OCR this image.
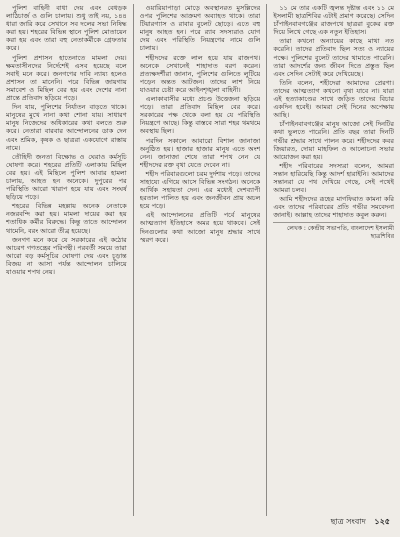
পুলিশ বাহিনী বাধা দেয় এবং বেধড়ক লাঠিচার্জ ও গুলি চালায়। শুধু তাই নয়, ১৪৪ ধারা জারি করে সেখানে সব দলের সভা নিষিদ্ধ করা হয়। শহরের বিভিন্ন স্থানে পুলিশ মোতায়েন করা হয় এবং তারা বহু নেতাকর্মীকে গ্রেফতার করে।

পুলিশ প্রশাসন হাতেনাতে মামলা দেয়। ক্ষমতাসীনদের নির্দেশেই এসব হয়েছে বলে সবাই মনে করে। জনগণের দাবি ন্যায্য হলেও প্রশাসন তা মানেনি। পরে বিভিন্ন জায়গায় সমাবেশ ও মিছিল বের হয় এবং দেশের নানা প্রান্তে প্রতিবাদ ছড়িয়ে পড়ে।

দিন যায়, পুলিশের নির্যাতন বাড়তে থাকে। মানুষের মুখে নানা কথা শোনা যায়। সাধারণ মানুষ নিজেদের অধিকারের কথা বলতে শুরু করে। নেতারা বারবার আন্দোলনের ডাক দেন এবং শ্রমিক, কৃষক ও ছাত্ররা একযোগে রাস্তায় নামে।

তৌহিদী জনতা বিক্ষোভ ও ঘেরাও কর্মসূচি ঘোষণা করে। শহরের প্রতিটি এলাকায় মিছিল বের হয়। এই মিছিলে পুলিশ আবার হামলা চালায়, আহত হন অনেকে। দুপুরের পর পরিস্থিতি আরো খারাপ হয়ে যায় এবং সংঘর্ষ ছড়িয়ে পড়ে।

শহরের বিভিন্ন মহল্লায় অনেক নেতাকে নজরবন্দি করা হয়। মামলা দায়ের করা হয় শতাধিক কর্মীর বিরুদ্ধে। কিন্তু তাতে আন্দোলন থামেনি, বরং আরো তীব্র হয়েছে।

জনগণ মনে করে যে সরকারের এই কঠোর আচরণ গণতন্ত্রের পরিপন্থী। পরবর্তী সময়ে তারা আরো বড় কর্মসূচির ঘোষণা দেয় এবং চূড়ান্ত বিজয় না আসা পর্যন্ত আন্দোলন চালিয়ে যাওয়ার শপথ নেয়।

ওয়ারিয়াপাড়া মোড়ে অবস্থানরত মুসল্লিদের ওপর পুলিশের আক্রমণ অব্যাহত থাকে। তারা টিয়ারগ্যাস ও রাবার বুলেট ছোড়ে। এতে বহু মানুষ আহত হন। পরে র‌্যাব সদস্যরাও যোগ দেয় এবং পরিস্থিতি নিয়ন্ত্রণের নামে গুলি চালায়।

শহীদদের রক্তে লাল হয়ে যায় রাজপথ। অনেকে সেখানেই শাহাদাত বরণ করেন। প্রত্যক্ষদর্শীরা জানান, পুলিশের গুলিতে লুটিয়ে পড়েন অন্তত আটজন। তাদের লাশ নিয়ে যাওয়ার চেষ্টা করে আইনশৃঙ্খলা বাহিনী।

এলাকাবাসীর মধ্যে প্রচণ্ড উত্তেজনা ছড়িয়ে পড়ে। তারা প্রতিবাদ মিছিল বের করে। সরকারের পক্ষ থেকে বলা হয় যে পরিস্থিতি নিয়ন্ত্রণে আছে। কিন্তু বাস্তবে সারা শহর থমথমে অবস্থায় ছিল।

পরদিন সকালে আবারো বিশাল জানাজা অনুষ্ঠিত হয়। হাজার হাজার মানুষ এতে অংশ নেন। জানাজা শেষে তারা শপথ নেন যে শহীদদের রক্ত বৃথা যেতে দেবেন না।

শহীদ পরিবারগুলো চরম দুর্দশায় পড়ে। তাদের সাহায্যে এগিয়ে আসে বিভিন্ন সংগঠন। অনেকে আর্থিক সহায়তা দেন। এর মধ্যেই দেশব্যাপী হরতাল পালিত হয় এবং জনজীবন প্রায় অচল হয়ে পড়ে।

এই আন্দোলনের প্রতিটি পর্বে মানুষের আত্মত্যাগ ইতিহাসে অমর হয়ে থাকবে। সেই দিনগুলোর কথা আজো মানুষ শ্রদ্ধার সাথে স্মরণ করে।

১১ মে তার একটি জ্বলন্ত দৃষ্টান্ত এবং ১১ মে ইসলামী ছাত্রশিবির এটাই প্রমাণ করেছে। সেদিন চাঁপাইনবাবগঞ্জের রাজপথে ছাত্ররা বুকের রক্ত দিয়ে লিখে গেছে এক নতুন ইতিহাস।

তারা কখনো অন্যায়ের কাছে মাথা নত করেনি। তাদের প্রতিবাদ ছিল সত্য ও ন্যায়ের পক্ষে। পুলিশের বুলেট তাদের থামাতে পারেনি। তারা আদর্শের জন্য জীবন দিতে প্রস্তুত ছিল এবং সেদিন সেটাই করে দেখিয়েছে।

তিনি বলেন, শহীদেরা আমাদের প্রেরণা। তাদের আত্মত্যাগ কখনো বৃথা যাবে না। যারা এই হত্যাকাণ্ডের সাথে জড়িত তাদের বিচার একদিন হবেই। আমরা সেই দিনের অপেক্ষায় আছি।

চাঁপাইনবাবগঞ্জের মানুষ আজো সেই দিনটির কথা ভুলতে পারেনি। প্রতি বছর তারা দিনটি গভীর শ্রদ্ধার সাথে পালন করে। শহীদদের কবর জিয়ারত, দোয়া মাহফিল ও আলোচনা সভার আয়োজন করা হয়।

শহীদ পরিবারের সদস্যরা বলেন, আমরা সন্তান হারিয়েছি কিন্তু আদর্শ হারাইনি। আমাদের সন্তানরা যে পথ দেখিয়ে গেছে, সেই পথেই আমরা চলব।

আমি শহীদদের রূহের মাগফিরাত কামনা করি এবং তাদের পরিবারের প্রতি গভীর সমবেদনা জানাই। আল্লাহ তাদের শাহাদাত কবুল করুন।

লেখক : কেন্দ্রীয় সভাপতি, বাংলাদেশ ইসলামী ছাত্রশিবির
ছাত্র সংবাদ ১২৫
